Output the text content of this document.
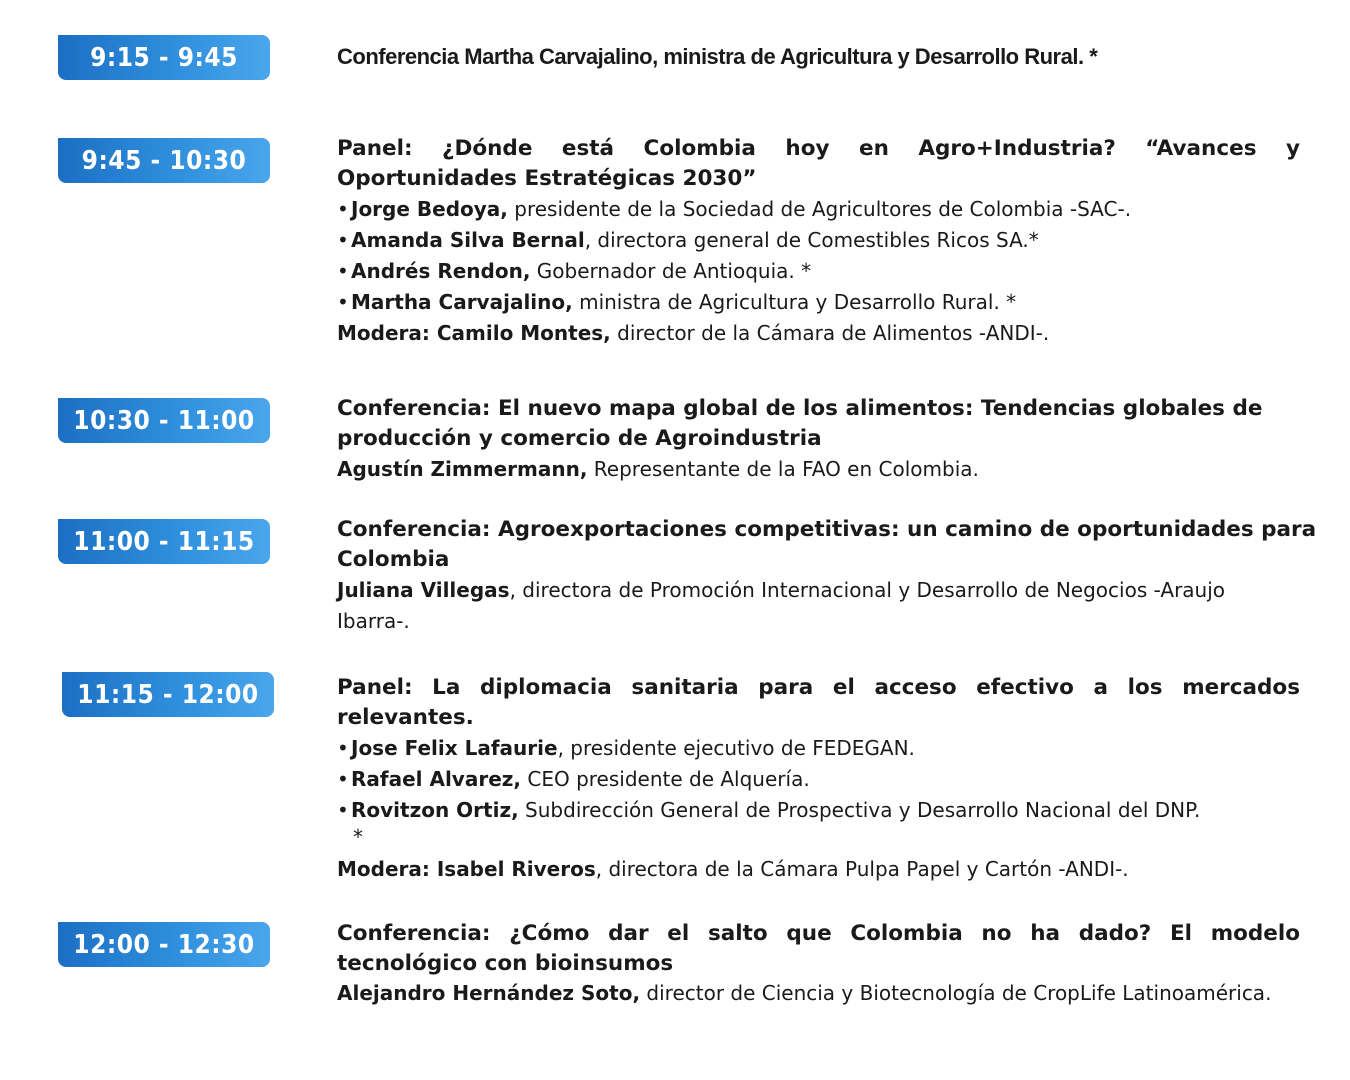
9:15 - 9:45	Conferencia Martha Carvajalino, ministra de Agricultura y Desarrollo Rural. *
9:45 - 10:30	Panel: ¿Dónde está Colombia hoy en Agro+Industria? “Avances y Oportunidades Estratégicas 2030”
• Jorge Bedoya, presidente de la Sociedad de Agricultores de Colombia -SAC-.
• Amanda Silva Bernal, directora general de Comestibles Ricos SA.*
• Andrés Rendon, Gobernador de Antioquia. *
• Martha Carvajalino, ministra de Agricultura y Desarrollo Rural. *
Modera: Camilo Montes, director de la Cámara de Alimentos -ANDI-.
10:30 - 11:00	Conferencia: El nuevo mapa global de los alimentos: Tendencias globales de producción y comercio de Agroindustria
Agustín Zimmermann, Representante de la FAO en Colombia.
11:00 - 11:15	Conferencia: Agroexportaciones competitivas: un camino de oportunidades para Colombia
Juliana Villegas, directora de Promoción Internacional y Desarrollo de Negocios -Araujo Ibarra-.
11:15 - 12:00	Panel: La diplomacia sanitaria para el acceso efectivo a los mercados relevantes.
• Jose Felix Lafaurie, presidente ejecutivo de FEDEGAN.
• Rafael Alvarez, CEO presidente de Alquería.
• Rovitzon Ortiz, Subdirección General de Prospectiva y Desarrollo Nacional del DNP.
*
Modera: Isabel Riveros, directora de la Cámara Pulpa Papel y Cartón -ANDI-.
12:00 - 12:30	Conferencia: ¿Cómo dar el salto que Colombia no ha dado? El modelo tecnológico con bioinsumos
Alejandro Hernández Soto, director de Ciencia y Biotecnología de CropLife Latinoamérica.
